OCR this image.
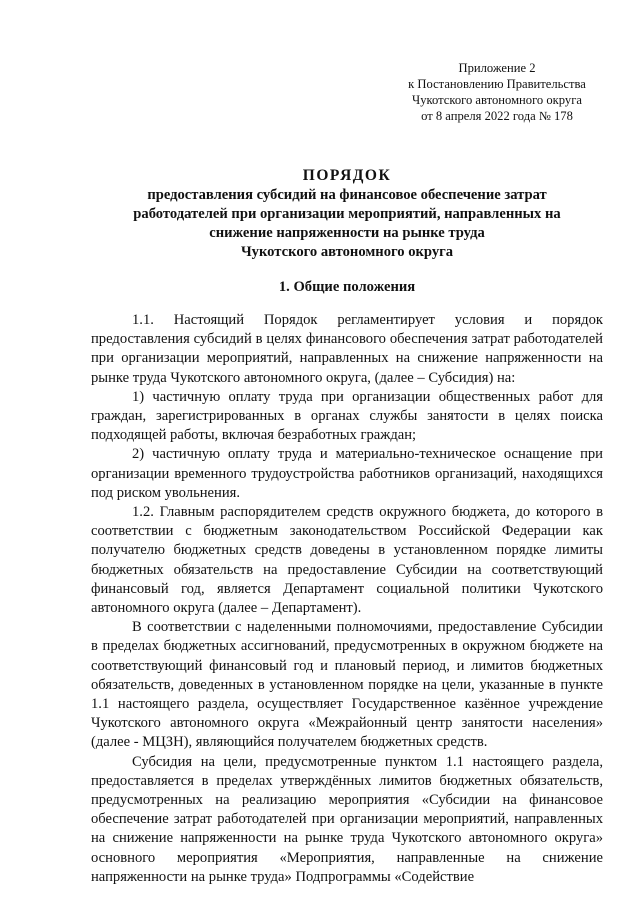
Приложение 2
к Постановлению Правительства
Чукотского автономного округа
от 8 апреля 2022 года № 178
ПОРЯДОК
предоставления субсидий на финансовое обеспечение затрат
работодателей при организации мероприятий, направленных на
снижение напряженности на рынке труда
Чукотского автономного округа
1. Общие положения

1.1. Настоящий Порядок регламентирует условия и порядок предоставления субсидий в целях финансового обеспечения затрат работодателей при организации мероприятий, направленных на снижение напряженности на рынке труда Чукотского автономного округа, (далее – Субсидия) на:

1) частичную оплату труда при организации общественных работ для граждан, зарегистрированных в органах службы занятости в целях поиска подходящей работы, включая безработных граждан;

2) частичную оплату труда и материально-техническое оснащение при организации временного трудоустройства работников организаций, находящихся под риском увольнения.

1.2. Главным распорядителем средств окружного бюджета, до которого в соответствии с бюджетным законодательством Российской Федерации как получателю бюджетных средств доведены в установленном порядке лимиты бюджетных обязательств на предоставление Субсидии на соответствующий финансовый год, является Департамент социальной политики Чукотского автономного округа (далее – Департамент).

В соответствии с наделенными полномочиями, предоставление Субсидии в пределах бюджетных ассигнований, предусмотренных в окружном бюджете на соответствующий финансовый год и плановый период, и лимитов бюджетных обязательств, доведенных в установленном порядке на цели, указанные в пункте 1.1 настоящего раздела, осуществляет Государственное казённое учреждение Чукотского автономного округа «Межрайонный центр занятости населения» (далее - МЦЗН), являющийся получателем бюджетных средств.

Субсидия на цели, предусмотренные пунктом 1.1 настоящего раздела, предоставляется в пределах утверждённых лимитов бюджетных обязательств, предусмотренных на реализацию мероприятия «Субсидии на финансовое обеспечение затрат работодателей при организации мероприятий, направленных на снижение напряженности на рынке труда Чукотского автономного округа» основного мероприятия «Мероприятия, направленные на снижение напряженности на рынке труда» Подпрограммы «Содействие
